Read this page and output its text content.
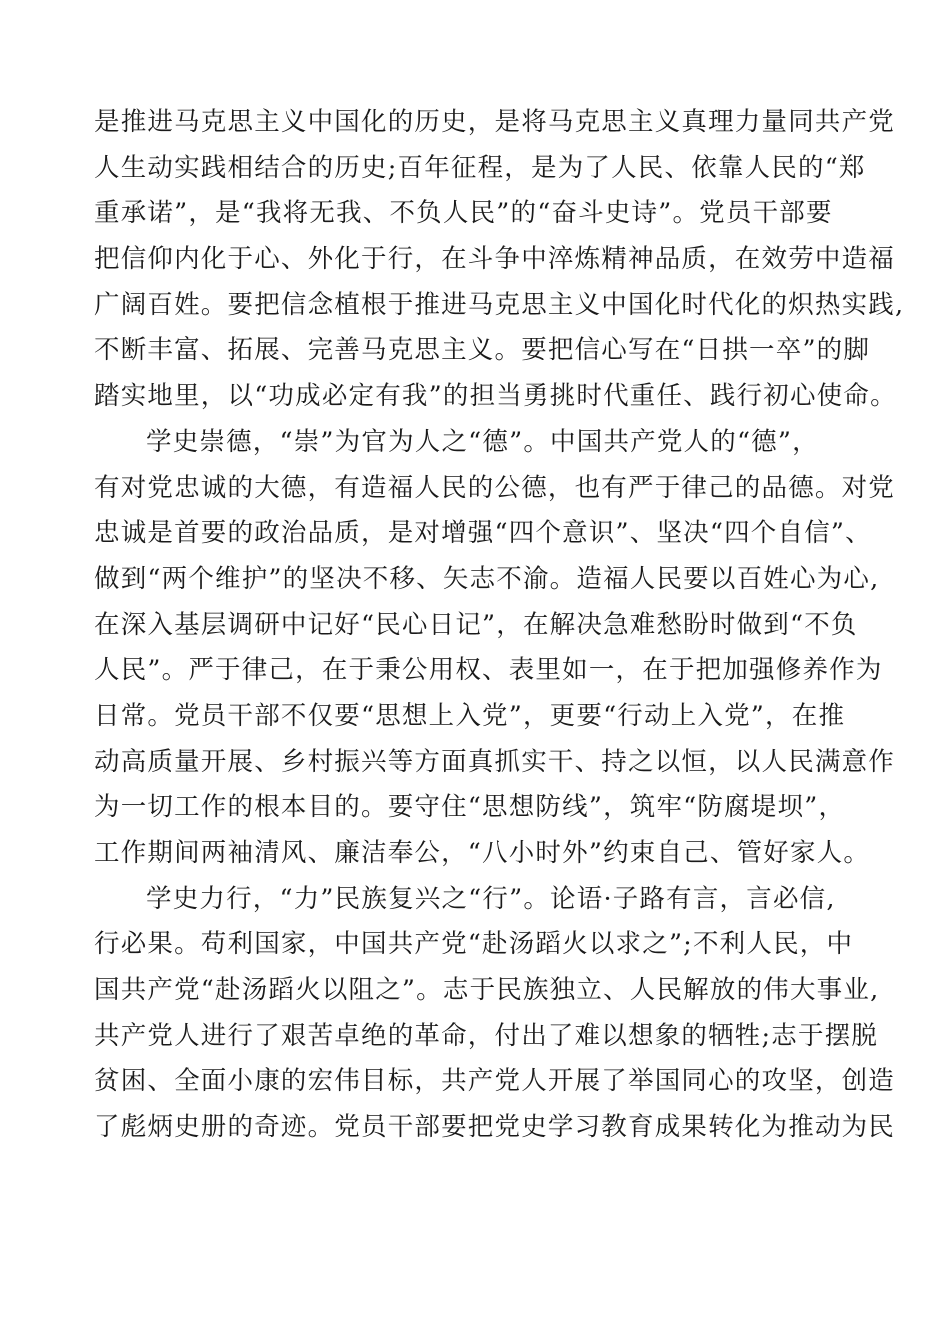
是推进马克思主义中国化的历史，是将马克思主义真理力量同共产党
人生动实践相结合的历史;百年征程，是为了人民、依靠人民的“郑
重承诺”，是“我将无我、不负人民”的“奋斗史诗”。党员干部要
把信仰内化于心、外化于行，在斗争中淬炼精神品质，在效劳中造福
广阔百姓。要把信念植根于推进马克思主义中国化时代化的炽热实践,
不断丰富、拓展、完善马克思主义。要把信心写在“日拱一卒”的脚
踏实地里，以“功成必定有我”的担当勇挑时代重任、践行初心使命。
学史崇德，“崇”为官为人之“德”。中国共产党人的“德”，
有对党忠诚的大德，有造福人民的公德，也有严于律己的品德。对党
忠诚是首要的政治品质，是对增强“四个意识”、坚决“四个自信”、
做到“两个维护”的坚决不移、矢志不渝。造福人民要以百姓心为心,
在深入基层调研中记好“民心日记”，在解决急难愁盼时做到“不负
人民”。严于律己，在于秉公用权、表里如一，在于把加强修养作为
日常。党员干部不仅要“思想上入党”，更要“行动上入党”，在推
动高质量开展、乡村振兴等方面真抓实干、持之以恒，以人民满意作
为一切工作的根本目的。要守住“思想防线”，筑牢“防腐堤坝”，
工作期间两袖清风、廉洁奉公，“八小时外”约束自己、管好家人。
学史力行，“力”民族复兴之“行”。论语·子路有言，言必信,
行必果。苟利国家，中国共产党“赴汤蹈火以求之”;不利人民，中
国共产党“赴汤蹈火以阻之”。志于民族独立、人民解放的伟大事业,
共产党人进行了艰苦卓绝的革命，付出了难以想象的牺牲;志于摆脱
贫困、全面小康的宏伟目标，共产党人开展了举国同心的攻坚，创造
了彪炳史册的奇迹。党员干部要把党史学习教育成果转化为推动为民
